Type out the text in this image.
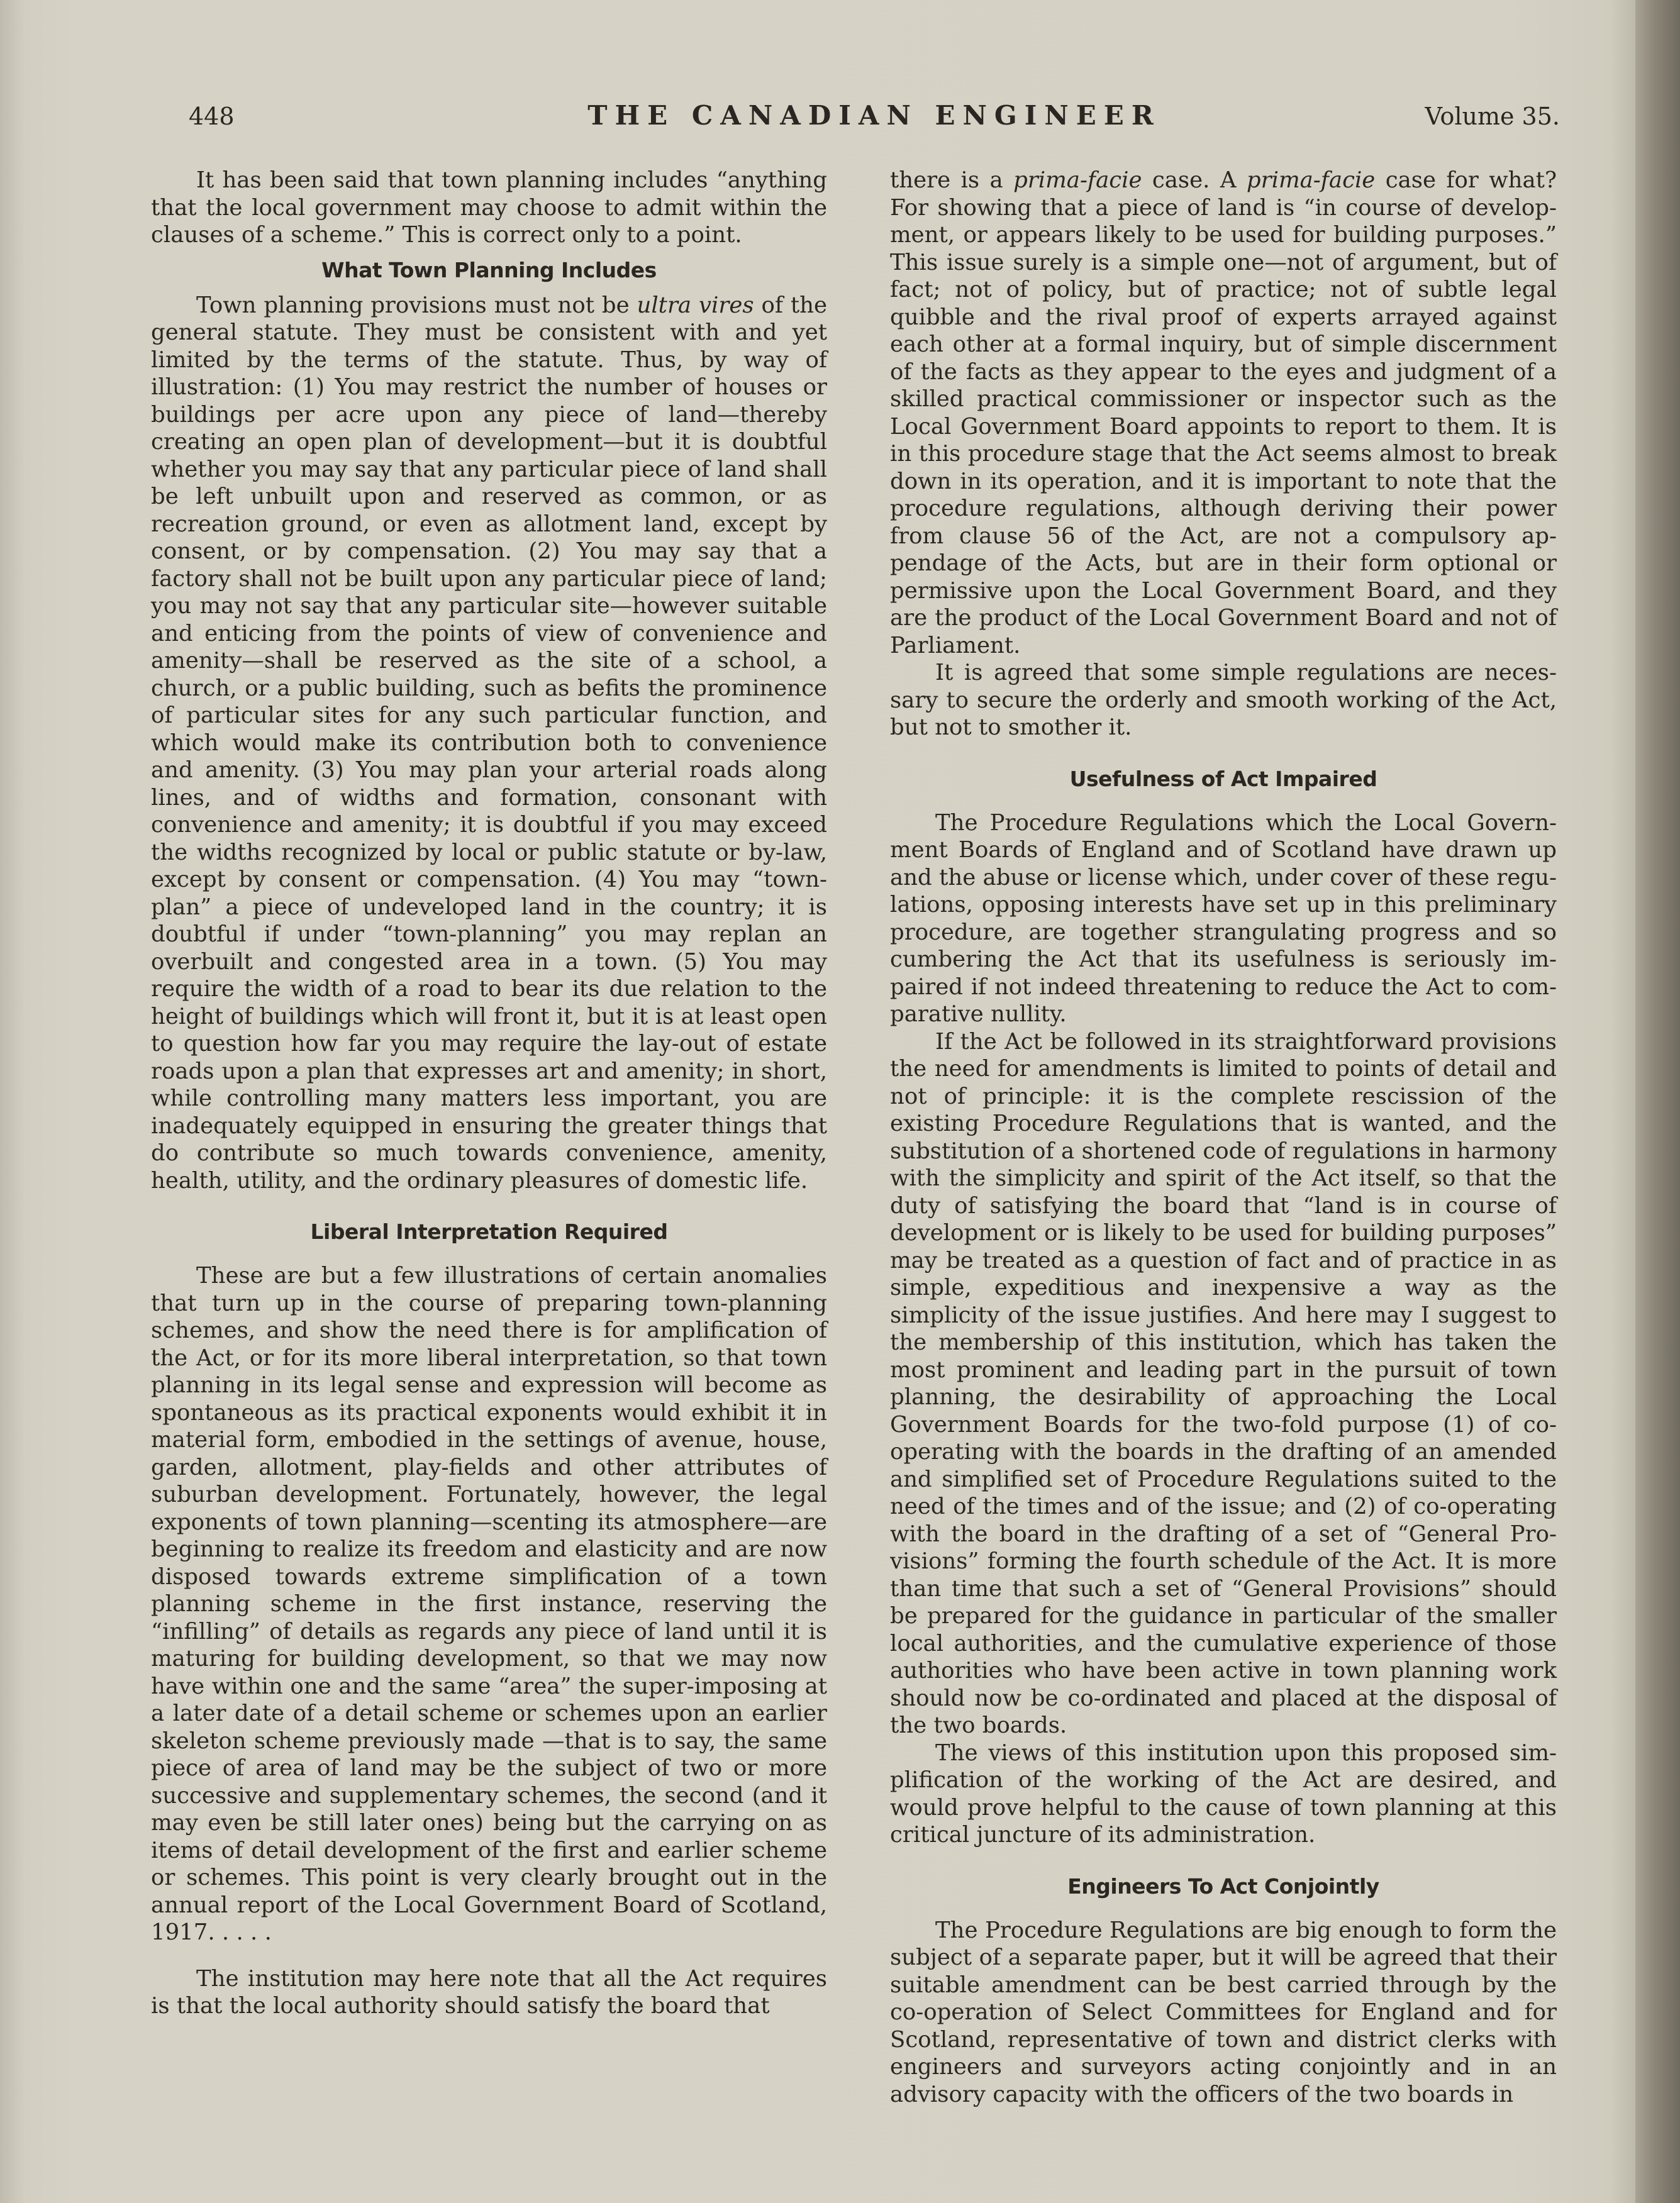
448	THE CANADIAN ENGINEER	Volume 35.

It has been said that town planning includes “anything that the local government may choose to admit within the clauses of a scheme.” This is correct only to a point.

What Town Planning Includes

Town planning provisions must not be ultra vires of the general statute. They must be consistent with and yet limited by the terms of the statute. Thus, by way of illustration: (1) You may restrict the number of houses or buildings per acre upon any piece of land—thereby creating an open plan of development—but it is doubtful whether you may say that any particular piece of land shall be left unbuilt upon and reserved as common, or as recreation ground, or even as allotment land, except by consent, or by compensation. (2) You may say that a factory shall not be built upon any particular piece of land; you may not say that any particular site—however suitable and enticing from the points of view of convenience and amenity—shall be reserved as the site of a school, a church, or a public building, such as befits the prominence of particular sites for any such particular function, and which would make its contribution both to convenience and amenity. (3) You may plan your arterial roads along lines, and of widths and formation, consonant with convenience and amenity; it is doubtful if you may exceed the widths recognized by local or public statute or by-law, except by consent or compensation. (4) You may “town-plan” a piece of undeveloped land in the country; it is doubtful if under “town-planning” you may replan an overbuilt and congested area in a town. (5) You may require the width of a road to bear its due relation to the height of buildings which will front it, but it is at least open to question how far you may require the lay-out of estate roads upon a plan that expresses art and amenity; in short, while controlling many matters less important, you are inadequately equipped in ensuring the greater things that do contribute so much towards convenience, amenity, health, utility, and the ordinary pleasures of domestic life.

Liberal Interpretation Required

These are but a few illustrations of certain anomalies that turn up in the course of preparing town-planning schemes, and show the need there is for amplification of the Act, or for its more liberal interpretation, so that town planning in its legal sense and expression will become as spontaneous as its practical exponents would exhibit it in material form, embodied in the settings of avenue, house, garden, allotment, play-fields and other attributes of suburban development. Fortunately, however, the legal exponents of town planning—scenting its atmosphere—are beginning to realize its freedom and elasticity and are now disposed towards extreme simplification of a town planning scheme in the first instance, reserving the “infilling” of details as regards any piece of land until it is maturing for building development, so that we may now have within one and the same “area” the super-imposing at a later date of a detail scheme or schemes upon an earlier skeleton scheme previously made —that is to say, the same piece of area of land may be the subject of two or more successive and supplementary schemes, the second (and it may even be still later ones) being but the carrying on as items of detail development of the first and earlier scheme or schemes. This point is very clearly brought out in the annual report of the Local Government Board of Scotland, 1917. . . . .

The institution may here note that all the Act requires is that the local authority should satisfy the board that

there is a prima-facie case. A prima-facie case for what? For showing that a piece of land is “in course of development, or appears likely to be used for building purposes.” This issue surely is a simple one—not of argument, but of fact; not of policy, but of practice; not of subtle legal quibble and the rival proof of experts arrayed against each other at a formal inquiry, but of simple discernment of the facts as they appear to the eyes and judgment of a skilled practical commissioner or inspector such as the Local Government Board appoints to report to them. It is in this procedure stage that the Act seems almost to break down in its operation, and it is important to note that the procedure regulations, although deriving their power from clause 56 of the Act, are not a compulsory appendage of the Acts, but are in their form optional or permissive upon the Local Government Board, and they are the product of the Local Government Board and not of Parliament.

It is agreed that some simple regulations are necessary to secure the orderly and smooth working of the Act, but not to smother it.

Usefulness of Act Impaired

The Procedure Regulations which the Local Government Boards of England and of Scotland have drawn up and the abuse or license which, under cover of these regulations, opposing interests have set up in this preliminary procedure, are together strangulating progress and so cumbering the Act that its usefulness is seriously impaired if not indeed threatening to reduce the Act to comparative nullity.

If the Act be followed in its straightforward provisions the need for amendments is limited to points of detail and not of principle: it is the complete rescission of the existing Procedure Regulations that is wanted, and the substitution of a shortened code of regulations in harmony with the simplicity and spirit of the Act itself, so that the duty of satisfying the board that “land is in course of development or is likely to be used for building purposes” may be treated as a question of fact and of practice in as simple, expeditious and inexpensive a way as the simplicity of the issue justifies. And here may I suggest to the membership of this institution, which has taken the most prominent and leading part in the pursuit of town planning, the desirability of approaching the Local Government Boards for the two-fold purpose (1) of cooperating with the boards in the drafting of an amended and simplified set of Procedure Regulations suited to the need of the times and of the issue; and (2) of co-operating with the board in the drafting of a set of “General Provisions” forming the fourth schedule of the Act. It is more than time that such a set of “General Provisions” should be prepared for the guidance in particular of the smaller local authorities, and the cumulative experience of those authorities who have been active in town planning work should now be co-ordinated and placed at the disposal of the two boards.

The views of this institution upon this proposed simplification of the working of the Act are desired, and would prove helpful to the cause of town planning at this critical juncture of its administration.

Engineers To Act Conjointly

The Procedure Regulations are big enough to form the subject of a separate paper, but it will be agreed that their suitable amendment can be best carried through by the co-operation of Select Committees for England and for Scotland, representative of town and district clerks with engineers and surveyors acting conjointly and in an advisory capacity with the officers of the two boards in
